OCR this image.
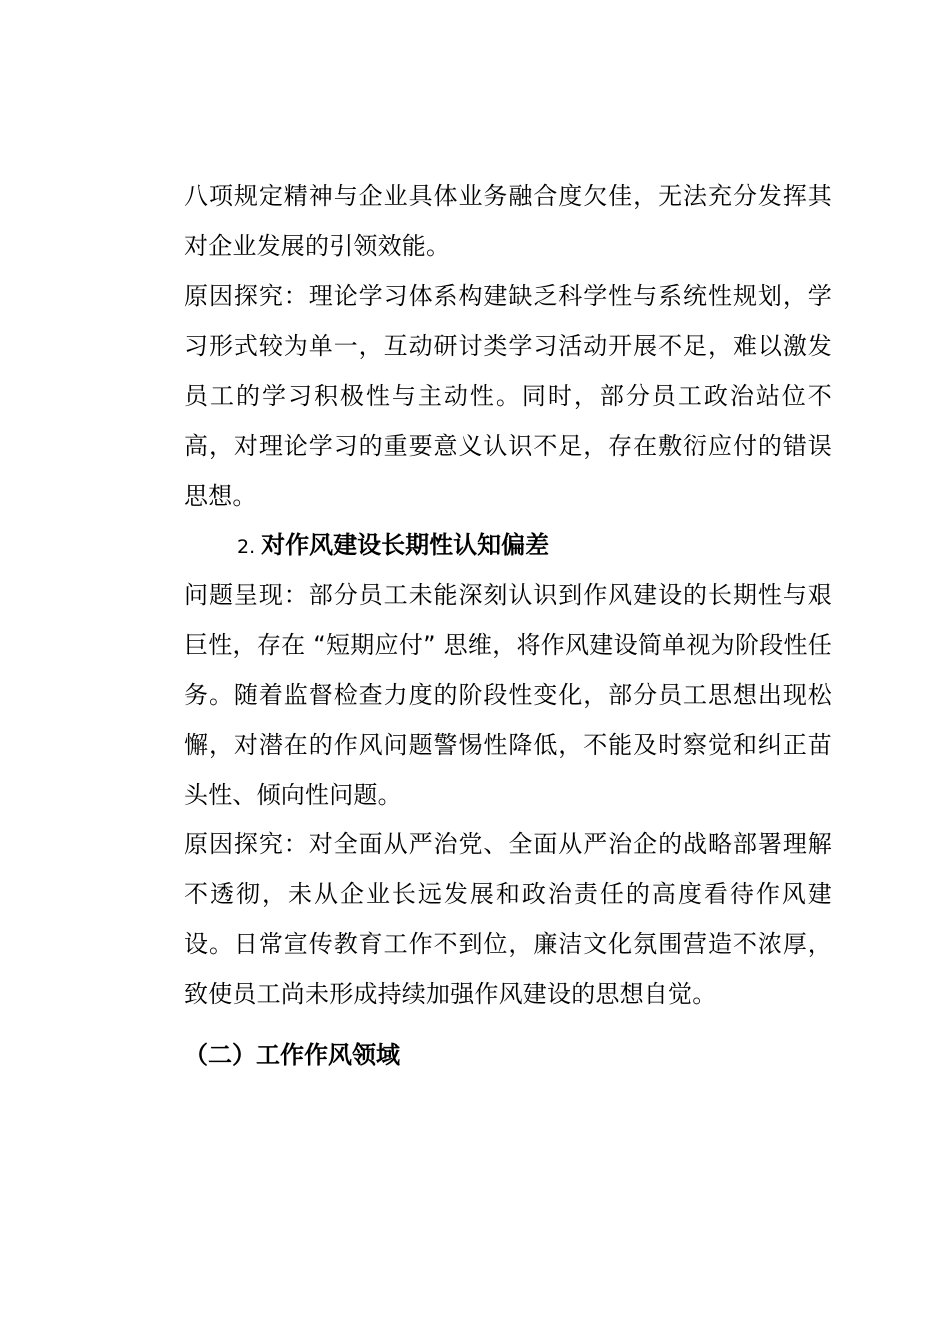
八项规定精神与企业具体业务融合度欠佳，无法充分发挥其对企业发展的引领效能。

原因探究：理论学习体系构建缺乏科学性与系统性规划，学习形式较为单一，互动研讨类学习活动开展不足，难以激发员工的学习积极性与主动性。同时，部分员工政治站位不高，对理论学习的重要意义认识不足，存在敷衍应付的错误思想。

2. 对作风建设长期性认知偏差

问题呈现：部分员工未能深刻认识到作风建设的长期性与艰巨性，存在 “短期应付” 思维，将作风建设简单视为阶段性任务。随着监督检查力度的阶段性变化，部分员工思想出现松懈，对潜在的作风问题警惕性降低，不能及时察觉和纠正苗头性、倾向性问题。

原因探究：对全面从严治党、全面从严治企的战略部署理解不透彻，未从企业长远发展和政治责任的高度看待作风建设。日常宣传教育工作不到位，廉洁文化氛围营造不浓厚，致使员工尚未形成持续加强作风建设的思想自觉。

（二）工作作风领域
